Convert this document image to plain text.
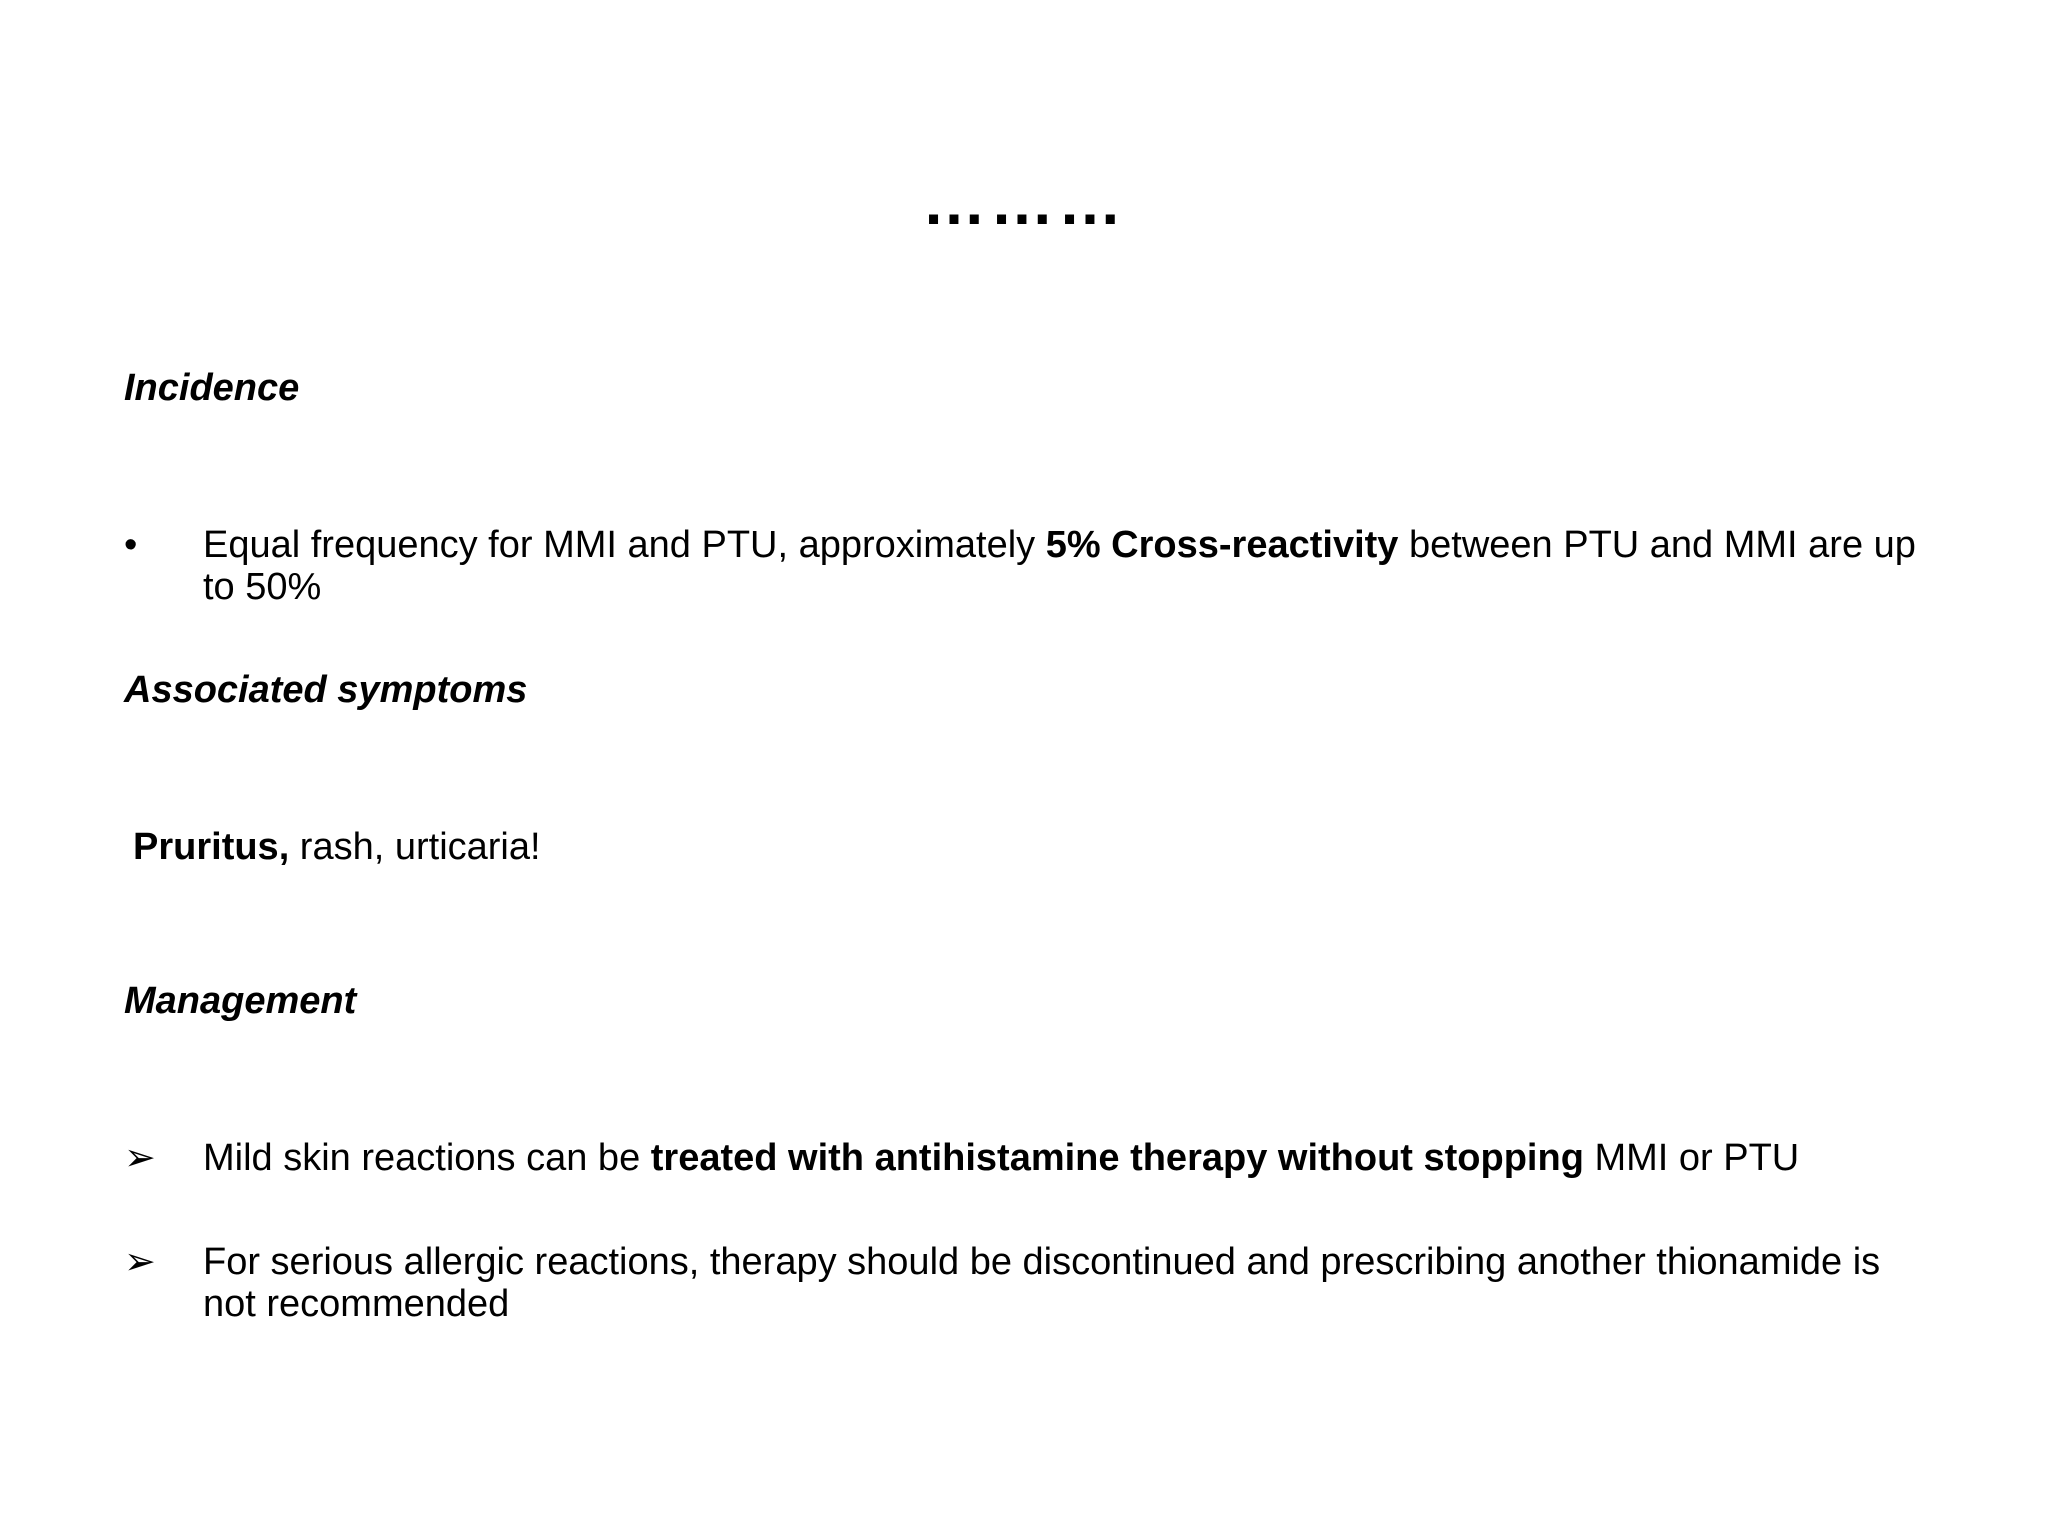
………
Incidence
•	Equal frequency for MMI and PTU, approximately 5% Cross-reactivity between PTU and MMI are up to 50%
Associated symptoms
Pruritus, rash, urticaria!
Management
➢	Mild skin reactions can be treated with antihistamine therapy without stopping MMI or PTU
➢	For serious allergic reactions, therapy should be discontinued and prescribing another thionamide is not recommended
